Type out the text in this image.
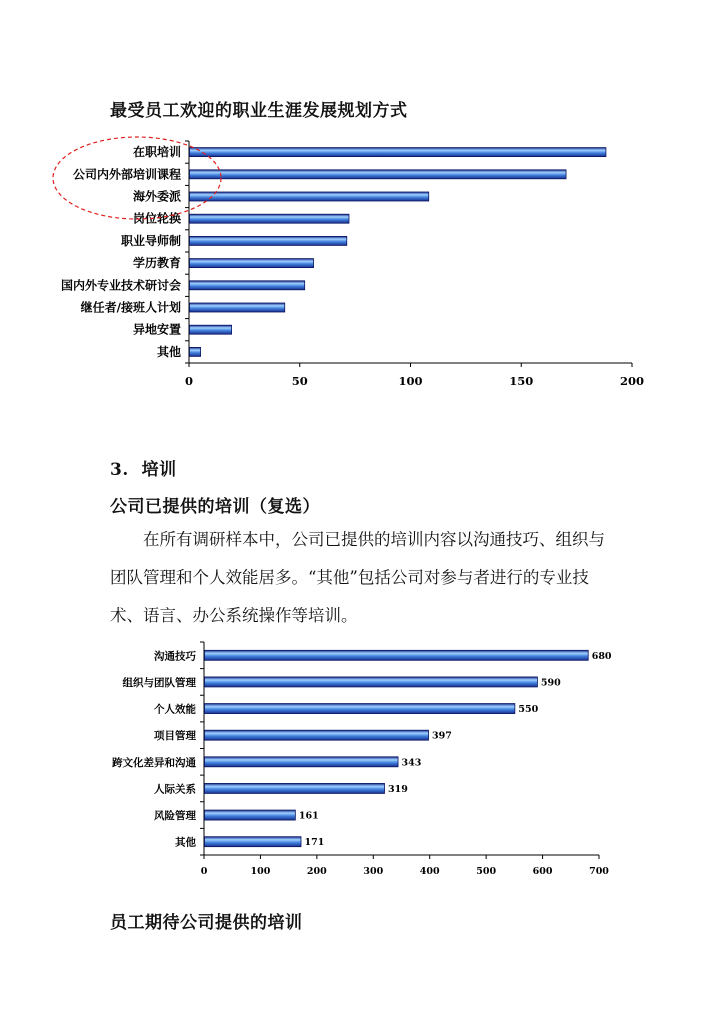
最受员工欢迎的职业生涯发展规划方式
0	50	100	150	200
在职培训
公司内外部培训课程
海外委派
岗位轮换
职业导师制
学历教育
国内外专业技术研讨会
继任者/接班人计划
异地安置
其他
3. 培训
公司已提供的培训（复选）

在所有调研样本中，公司已提供的培训内容以沟通技巧、组织与团队管理和个人效能居多。“其他”包括公司对参与者进行的专业技术、语言、办公系统操作等培训。

0	100	200	300	400	500	600	700
沟通技巧	680
组织与团队管理	590
个人效能	550
项目管理	397
跨文化差异和沟通	343
人际关系	319
风险管理	161
其他	171
员工期待公司提供的培训
